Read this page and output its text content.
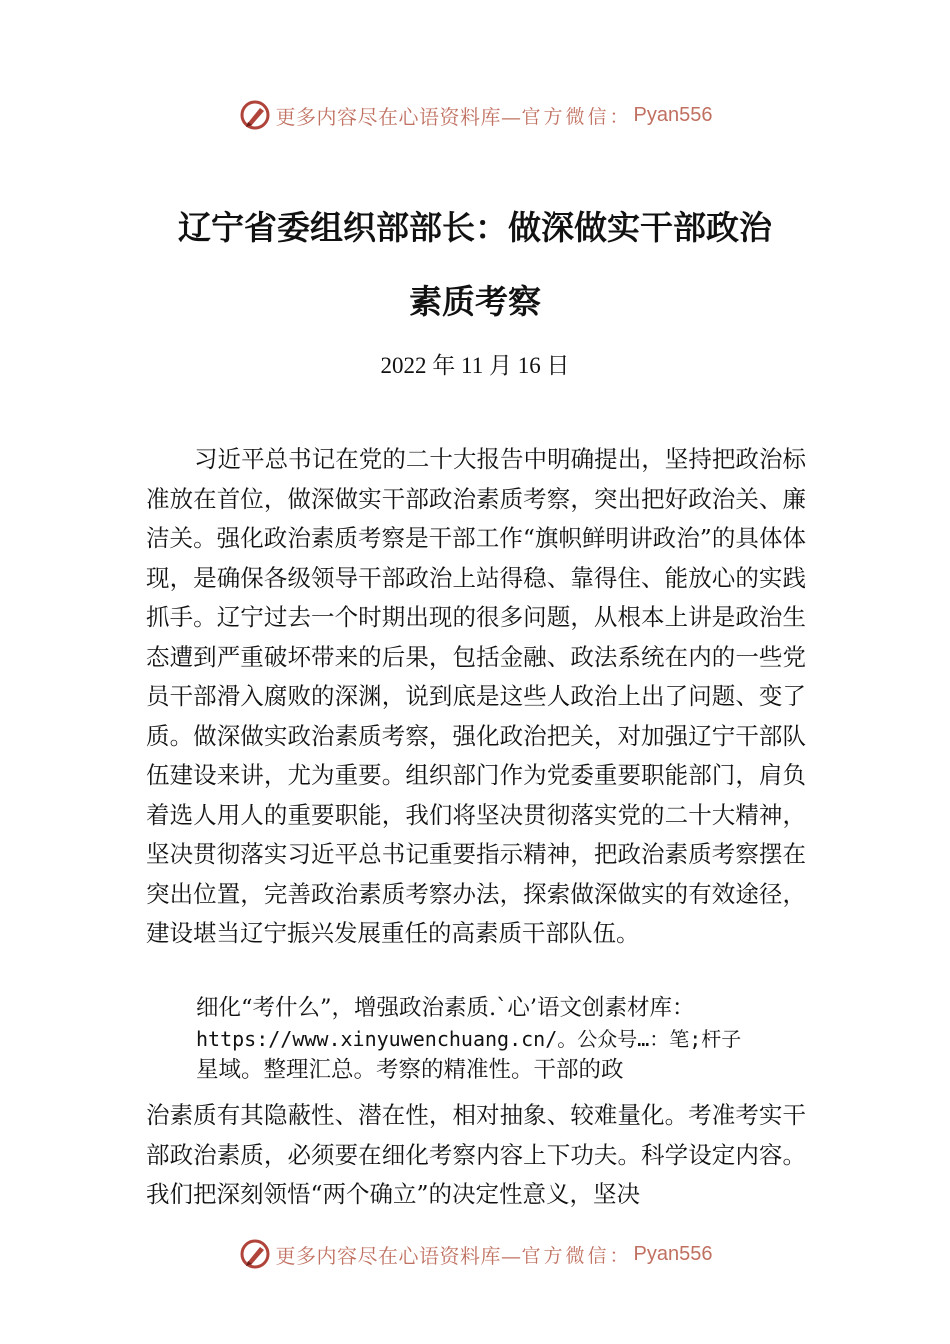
更多内容尽在心语资料库— 官方微信： Pyan556
辽宁省委组织部部长：做深做实干部政治
素质考察
2022 年 11 月 16 日

习近平总书记在党的二十大报告中明确提出，坚持把政治标准放在首位，做深做实干部政治素质考察，突出把好政治关、廉洁关。强化政治素质考察是干部工作“旗帜鲜明讲政治”的具体体现，是确保各级领导干部政治上站得稳、靠得住、能放心的实践抓手。辽宁过去一个时期出现的很多问题，从根本上讲是政治生态遭到严重破坏带来的后果，包括金融、政法系统在内的一些党员干部滑入腐败的深渊，说到底是这些人政治上出了问题、变了质。做深做实政治素质考察，强化政治把关，对加强辽宁干部队伍建设来讲，尤为重要。组织部门作为党委重要职能部门，肩负着选人用人的重要职能，我们将坚决贯彻落实党的二十大精神，坚决贯彻落实习近平总书记重要指示精神，把政治素质考察摆在突出位置，完善政治素质考察办法，探索做深做实的有效途径，建设堪当辽宁振兴发展重任的高素质干部队伍。

细化“考什么”，增强政治素质.`心’语文创素材库：
https://www.xinyuwenchuang.cn/。公众号…：笔;杆子
星域。整理汇总。考察的精准性。干部的政

治素质有其隐蔽性、潜在性，相对抽象、较难量化。考准考实干部政治素质，必须要在细化考察内容上下功夫。科学设定内容。我们把深刻领悟“两个确立”的决定性意义，坚决

更多内容尽在心语资料库— 官方微信： Pyan556
